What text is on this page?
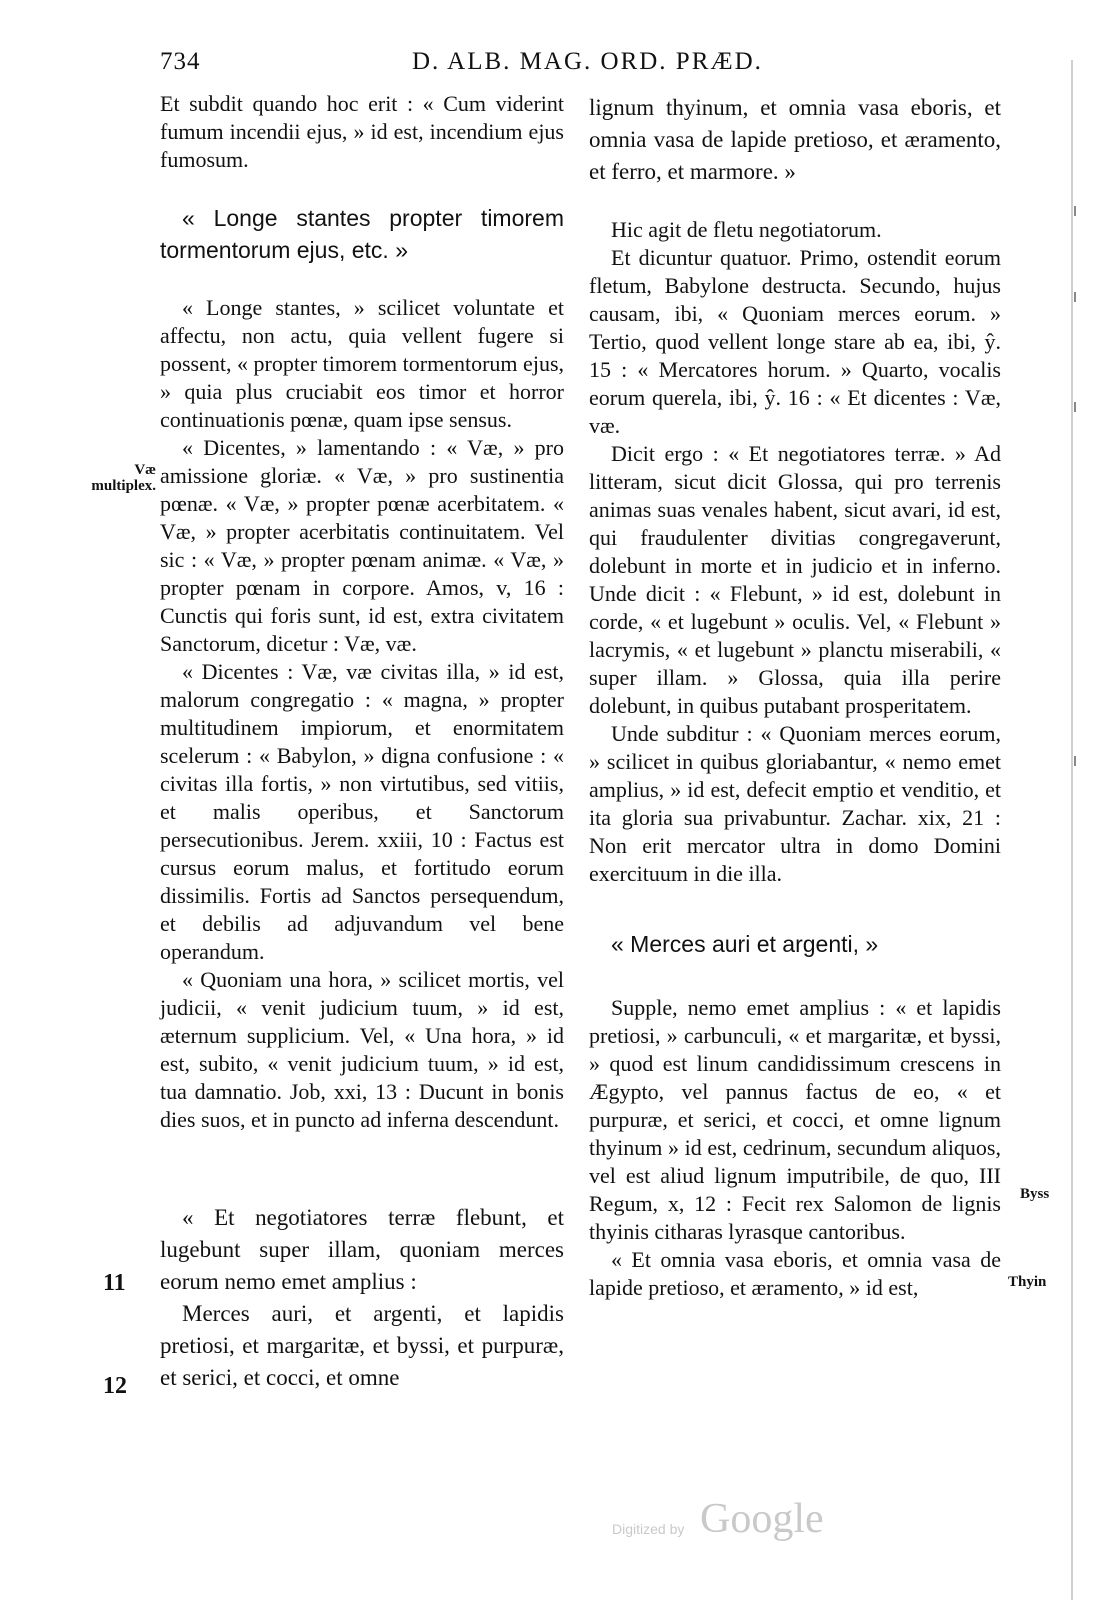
734	D. ALB. MAG. ORD. PRÆD.

Et subdit quando hoc erit : « Cum viderint fumum incendii ejus, » id est, incendium ejus fumosum.

« Longe stantes propter timorem tormentorum ejus, etc. »

« Longe stantes, » scilicet voluntate et affectu, non actu, quia vellent fugere si possent, « propter timorem tormentorum ejus, » quia plus cruciabit eos timor et horror continuationis pœnæ, quam ipse sensus.

« Dicentes, » lamentando : « Væ, » pro amissione gloriæ. « Væ, » pro sustinentia pœnæ. « Væ, » propter pœnæ acerbitatem. « Væ, » propter acerbitatis continuitatem. Vel sic : « Væ, » propter pœnam animæ. « Væ, » propter pœnam in corpore. Amos, v, 16 : Cunctis qui foris sunt, id est, extra civitatem Sanctorum, dicetur : Væ, væ.

« Dicentes : Væ, væ civitas illa, » id est, malorum congregatio : « magna, » propter multitudinem impiorum, et enormitatem scelerum : « Babylon, » digna confusione : « civitas illa fortis, » non virtutibus, sed vitiis, et malis operibus, et Sanctorum persecutionibus. Jerem. xxiii, 10 : Factus est cursus eorum malus, et fortitudo eorum dissimilis. Fortis ad Sanctos persequendum, et debilis ad adjuvandum vel bene operandum.

« Quoniam una hora, » scilicet mortis, vel judicii, « venit judicium tuum, » id est, æternum supplicium. Vel, « Una hora, » id est, subito, « venit judicium tuum, » id est, tua damnatio. Job, xxi, 13 : Ducunt in bonis dies suos, et in puncto ad inferna descendunt.

« Et negotiatores terræ flebunt, et lugebunt super illam, quoniam merces eorum nemo emet amplius :

Merces auri, et argenti, et lapidis pretiosi, et margaritæ, et byssi, et purpuræ, et serici, et cocci, et omne

lignum thyinum, et omnia vasa eboris, et omnia vasa de lapide pretioso, et æramento, et ferro, et marmore. »

Hic agit de fletu negotiatorum.

Et dicuntur quatuor. Primo, ostendit eorum fletum, Babylone destructa. Secundo, hujus causam, ibi, « Quoniam merces eorum. » Tertio, quod vellent longe stare ab ea, ibi, ŷ. 15 : « Mercatores horum. » Quarto, vocalis eorum querela, ibi, ŷ. 16 : « Et dicentes : Væ, væ.

Dicit ergo : « Et negotiatores terræ. » Ad litteram, sicut dicit Glossa, qui pro terrenis animas suas venales habent, sicut avari, id est, qui fraudulenter divitias congregaverunt, dolebunt in morte et in judicio et in inferno. Unde dicit : « Flebunt, » id est, dolebunt in corde, « et lugebunt » oculis. Vel, « Flebunt » lacrymis, « et lugebunt » planctu miserabili, « super illam. » Glossa, quia illa perire dolebunt, in quibus putabant prosperitatem.

Unde subditur : « Quoniam merces eorum, » scilicet in quibus gloriabantur, « nemo emet amplius, » id est, defecit emptio et venditio, et ita gloria sua privabuntur. Zachar. xix, 21 : Non erit mercator ultra in domo Domini exercituum in die illa.

« Merces auri et argenti, »

Supple, nemo emet amplius : « et lapidis pretiosi, » carbunculi, « et margaritæ, et byssi, » quod est linum candidissimum crescens in Ægypto, vel pannus factus de eo, « et purpuræ, et serici, et cocci, et omne lignum thyinum » id est, cedrinum, secundum aliquos, vel est aliud lignum imputribile, de quo, III Regum, x, 12 : Fecit rex Salomon de lignis thyinis citharas lyrasque cantoribus.

« Et omnia vasa eboris, et omnia vasa de lapide pretioso, et æramento, » id est,

Væ multiplex.
Byss
Thyin
11
12
Digitized by Google
